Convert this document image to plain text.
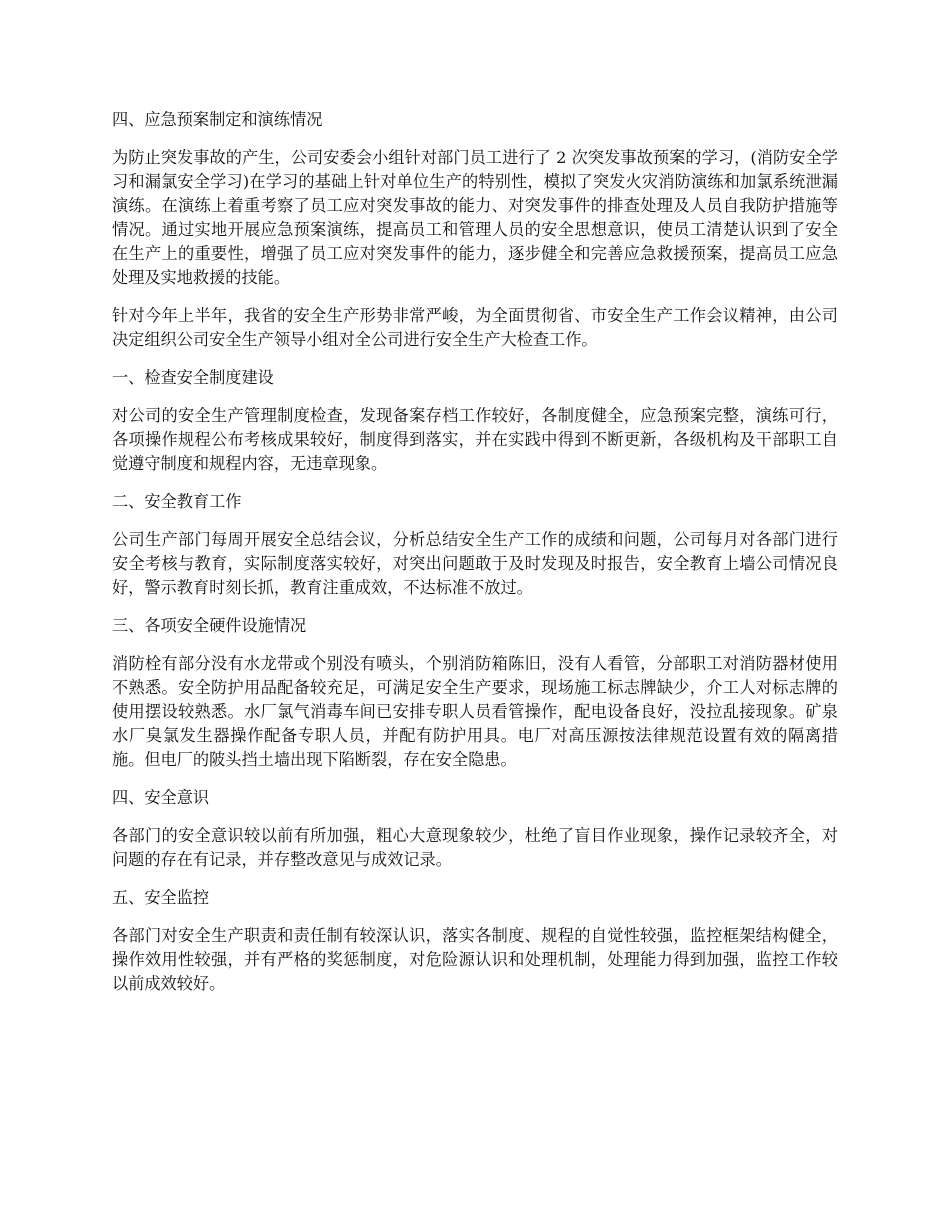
四、应急预案制定和演练情况

为防止突发事故的产生，公司安委会小组针对部门员工进行了 2 次突发事故预案的学习，(消防安全学习和漏氯安全学习)在学习的基础上针对单位生产的特别性，模拟了突发火灾消防演练和加氯系统泄漏演练。在演练上着重考察了员工应对突发事故的能力、对突发事件的排查处理及人员自我防护措施等情况。通过实地开展应急预案演练，提高员工和管理人员的安全思想意识，使员工清楚认识到了安全在生产上的重要性，增强了员工应对突发事件的能力，逐步健全和完善应急救援预案，提高员工应急处理及实地救援的技能。

针对今年上半年，我省的安全生产形势非常严峻，为全面贯彻省、市安全生产工作会议精神，由公司决定组织公司安全生产领导小组对全公司进行安全生产大检查工作。

一、检查安全制度建设

对公司的安全生产管理制度检查，发现备案存档工作较好，各制度健全，应急预案完整，演练可行，各项操作规程公布考核成果较好，制度得到落实，并在实践中得到不断更新，各级机构及干部职工自觉遵守制度和规程内容，无违章现象。

二、安全教育工作

公司生产部门每周开展安全总结会议，分析总结安全生产工作的成绩和问题，公司每月对各部门进行安全考核与教育，实际制度落实较好，对突出问题敢于及时发现及时报告，安全教育上墙公司情况良好，警示教育时刻长抓，教育注重成效，不达标准不放过。

三、各项安全硬件设施情况

消防栓有部分没有水龙带或个别没有喷头，个别消防箱陈旧，没有人看管，分部职工对消防器材使用不熟悉。安全防护用品配备较充足，可满足安全生产要求，现场施工标志牌缺少，介工人对标志牌的使用摆设较熟悉。水厂氯气消毒车间已安排专职人员看管操作，配电设备良好，没拉乱接现象。矿泉水厂臭氯发生器操作配备专职人员，并配有防护用具。电厂对高压源按法律规范设置有效的隔离措施。但电厂的陂头挡土墙出现下陷断裂，存在安全隐患。

四、安全意识

各部门的安全意识较以前有所加强，粗心大意现象较少，杜绝了盲目作业现象，操作记录较齐全，对问题的存在有记录，并存整改意见与成效记录。

五、安全监控

各部门对安全生产职责和责任制有较深认识，落实各制度、规程的自觉性较强，监控框架结构健全，操作效用性较强，并有严格的奖惩制度，对危险源认识和处理机制，处理能力得到加强，监控工作较以前成效较好。
